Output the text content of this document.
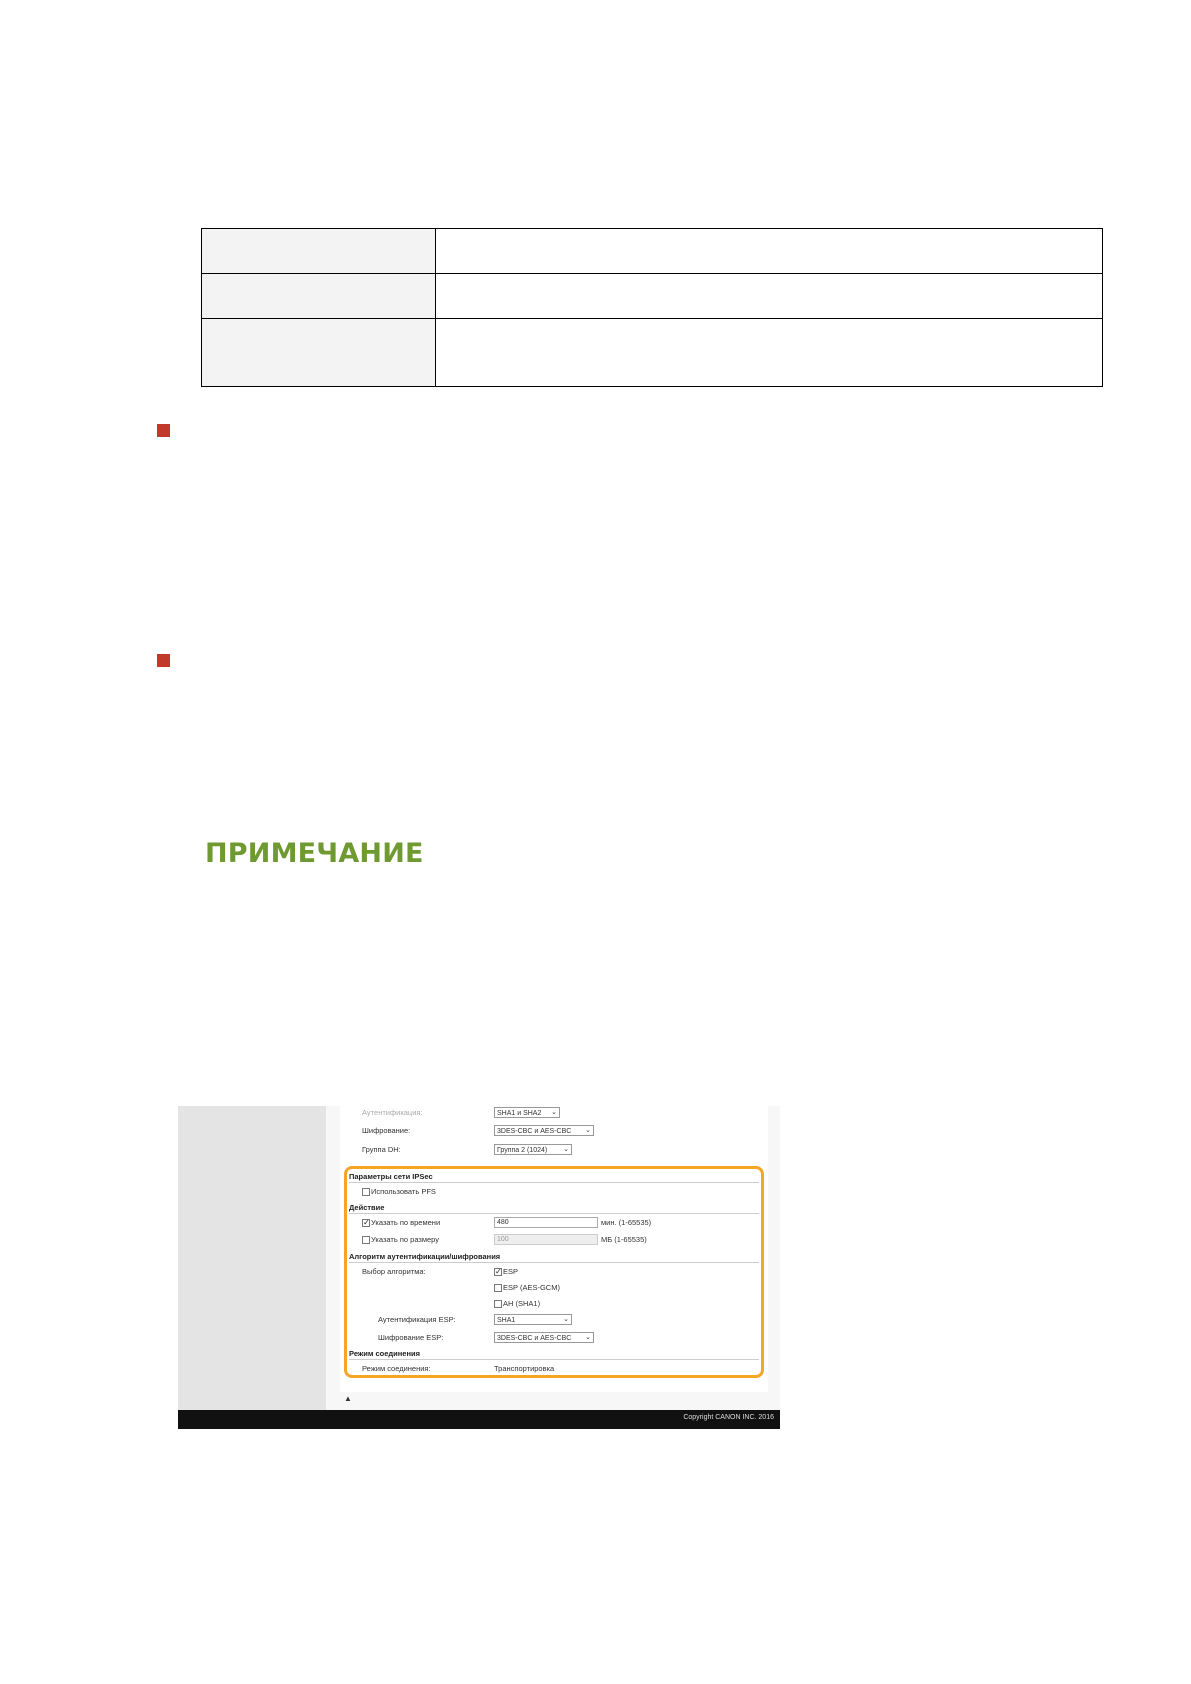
ПРИМЕЧАНИЕ
Аутентификация:	SHA1 и SHA2 ⌄
Шифрование:	3DES-CBC и AES-CBC ⌄
Группа DH:	Группа 2 (1024) ⌄
Параметры сети IPSec
Использовать PFS
Действие
✓ Указать по времени	480	мин. (1-65535)
Указать по размеру	100	МБ (1-65535)
Алгоритм аутентификации/шифрования
Выбор алгоритма:	✓ ESP
ESP (AES-GCM)
AH (SHA1)
Аутентификация ESP:	SHA1	⌄
Шифрование ESP:	3DES-CBC и AES-CBC ⌄
Режим соединения
Режим соединения:	Транспортировка
▲
Copyright CANON INC. 2016
